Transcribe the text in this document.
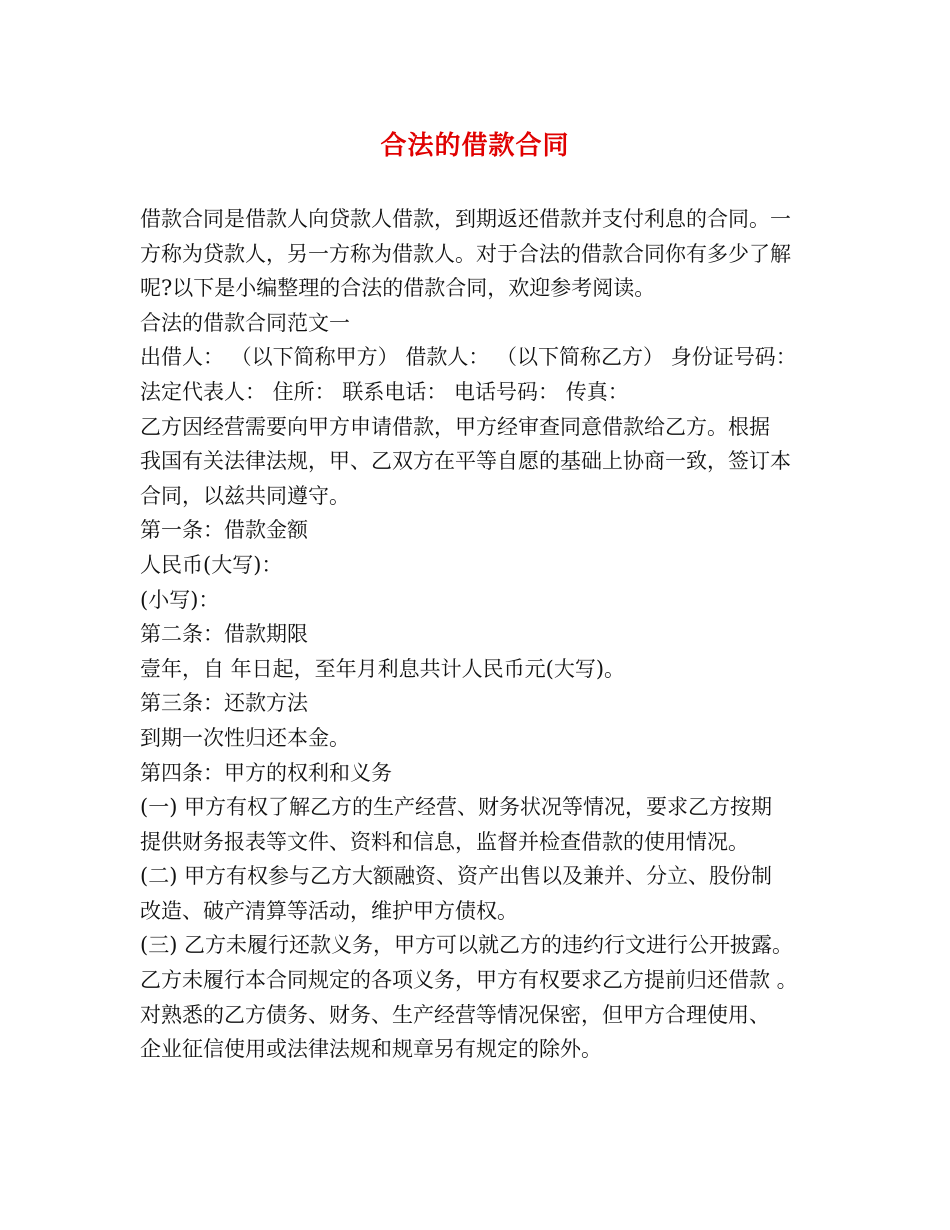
合法的借款合同
借款合同是借款人向贷款人借款，到期返还借款并支付利息的合同。一
方称为贷款人，另一方称为借款人。对于合法的借款合同你有多少了解
呢?以下是小编整理的合法的借款合同，欢迎参考阅读。
合法的借款合同范文一
出借人： （以下简称甲方） 借款人： （以下简称乙方） 身份证号码：
法定代表人： 住所： 联系电话： 电话号码： 传真：
乙方因经营需要向甲方申请借款，甲方经审查同意借款给乙方。根据
我国有关法律法规，甲、乙双方在平等自愿的基础上协商一致，签订本
合同，以兹共同遵守。
第一条：借款金额
人民币(大写)：
(小写)：
第二条：借款期限
壹年，自 年日起，至年月利息共计人民币元(大写)。
第三条：还款方法
到期一次性归还本金。
第四条：甲方的权利和义务
(一) 甲方有权了解乙方的生产经营、财务状况等情况，要求乙方按期
提供财务报表等文件、资料和信息，监督并检查借款的使用情况。
(二) 甲方有权参与乙方大额融资、资产出售以及兼并、分立、股份制
改造、破产清算等活动，维护甲方债权。
(三) 乙方未履行还款义务，甲方可以就乙方的违约行文进行公开披露。
乙方未履行本合同规定的各项义务，甲方有权要求乙方提前归还借款 。
对熟悉的乙方债务、财务、生产经营等情况保密，但甲方合理使用、
企业征信使用或法律法规和规章另有规定的除外。
